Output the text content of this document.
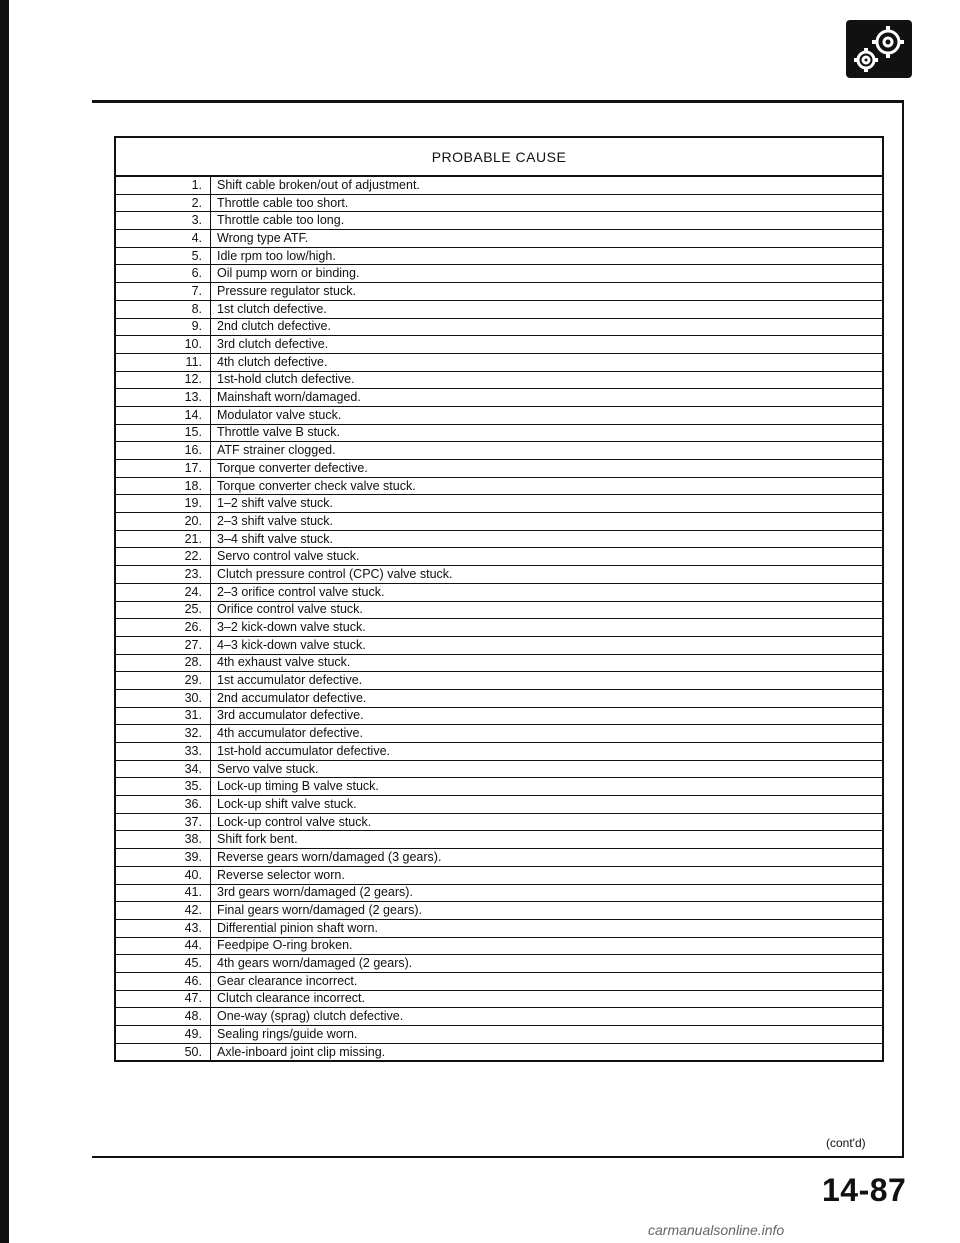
PROBABLE CAUSE	
1.	Shift cable broken/out of adjustment.
2.	Throttle cable too short.
3.	Throttle cable too long.
4.	Wrong type ATF.
5.	Idle rpm too low/high.
6.	Oil pump worn or binding.
7.	Pressure regulator stuck.
8.	1st clutch defective.
9.	2nd clutch defective.
10.	3rd clutch defective.
11.	4th clutch defective.
12.	1st-hold clutch defective.
13.	Mainshaft worn/damaged.
14.	Modulator valve stuck.
15.	Throttle valve B stuck.
16.	ATF strainer clogged.
17.	Torque converter defective.
18.	Torque converter check valve stuck.
19.	1–2 shift valve stuck.
20.	2–3 shift valve stuck.
21.	3–4 shift valve stuck.
22.	Servo control valve stuck.
23.	Clutch pressure control (CPC) valve stuck.
24.	2–3 orifice control valve stuck.
25.	Orifice control valve stuck.
26.	3–2 kick-down valve stuck.
27.	4–3 kick-down valve stuck.
28.	4th exhaust valve stuck.
29.	1st accumulator defective.
30.	2nd accumulator defective.
31.	3rd accumulator defective.
32.	4th accumulator defective.
33.	1st-hold accumulator defective.
34.	Servo valve stuck.
35.	Lock-up timing B valve stuck.
36.	Lock-up shift valve stuck.
37.	Lock-up control valve stuck.
38.	Shift fork bent.
39.	Reverse gears worn/damaged (3 gears).
40.	Reverse selector worn.
41.	3rd gears worn/damaged (2 gears).
42.	Final gears worn/damaged (2 gears).
43.	Differential pinion shaft worn.
44.	Feedpipe O-ring broken.
45.	4th gears worn/damaged (2 gears).
46.	Gear clearance incorrect.
47.	Clutch clearance incorrect.
48.	One-way (sprag) clutch defective.
49.	Sealing rings/guide worn.
50.	Axle-inboard joint clip missing.
(cont'd)
14-87
carmanualsonline.info
